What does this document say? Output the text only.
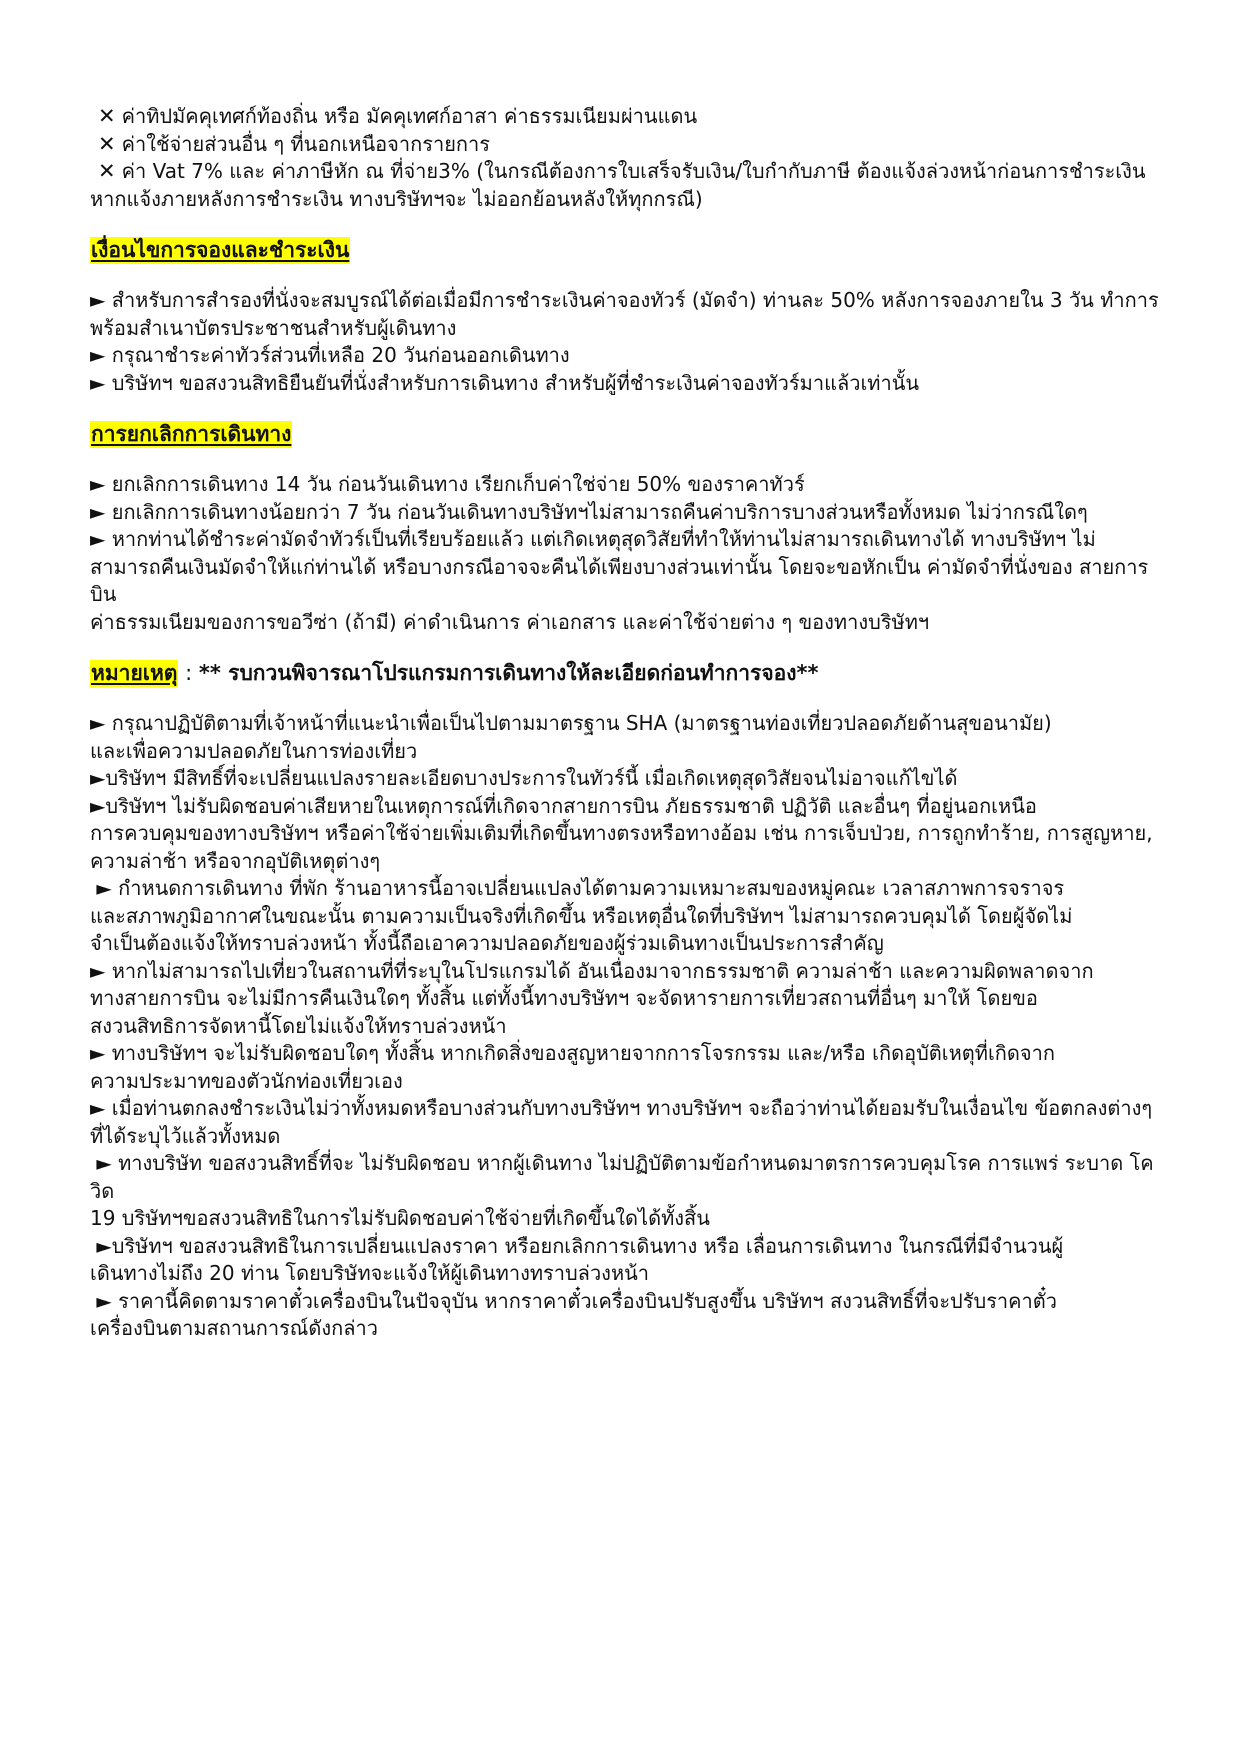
✕ ค่าทิปมัคคุเทศก์ท้องถิ่น หรือ มัคคุเทศก์อาสา ค่าธรรมเนียมผ่านแดน

✕ ค่าใช้จ่ายส่วนอื่น ๆ ที่นอกเหนือจากรายการ

✕ ค่า Vat 7% และ ค่าภาษีหัก ณ ที่จ่าย3% (ในกรณีต้องการใบเสร็จรับเงิน/ใบกำกับภาษี ต้องแจ้งล่วงหน้าก่อนการชำระเงิน
หากแจ้งภายหลังการชำระเงิน ทางบริษัทฯจะ ไม่ออกย้อนหลังให้ทุกกรณี)

เงื่อนไขการจองและชำระเงิน

► สำหรับการสำรองที่นั่งจะสมบูรณ์ได้ต่อเมื่อมีการชำระเงินค่าจองทัวร์ (มัดจำ) ท่านละ 50% หลังการจองภายใน 3 วัน ทำการ
พร้อมสำเนาบัตรประชาชนสำหรับผู้เดินทาง

► กรุณาชำระค่าทัวร์ส่วนที่เหลือ 20 วันก่อนออกเดินทาง

► บริษัทฯ ขอสงวนสิทธิยืนยันที่นั่งสำหรับการเดินทาง สำหรับผู้ที่ชำระเงินค่าจองทัวร์มาแล้วเท่านั้น

การยกเลิกการเดินทาง

► ยกเลิกการเดินทาง 14 วัน ก่อนวันเดินทาง เรียกเก็บค่าใช่จ่าย 50% ของราคาทัวร์

► ยกเลิกการเดินทางน้อยกว่า 7 วัน ก่อนวันเดินทางบริษัทฯไม่สามารถคืนค่าบริการบางส่วนหรือทั้งหมด ไม่ว่ากรณีใดๆ

► หากท่านได้ชำระค่ามัดจำทัวร์เป็นที่เรียบร้อยแล้ว แต่เกิดเหตุสุดวิสัยที่ทำให้ท่านไม่สามารถเดินทางได้ ทางบริษัทฯ ไม่
สามารถคืนเงินมัดจำให้แก่ท่านได้ หรือบางกรณีอาจจะคืนได้เพียงบางส่วนเท่านั้น โดยจะขอหักเป็น ค่ามัดจำที่นั่งของ สายการบิน
ค่าธรรมเนียมของการขอวีซ่า (ถ้ามี) ค่าดำเนินการ ค่าเอกสาร และค่าใช้จ่ายต่าง ๆ ของทางบริษัทฯ

หมายเหตุ : ** รบกวนพิจารณาโปรแกรมการเดินทางให้ละเอียดก่อนทำการจอง**

► กรุณาปฏิบัติตามที่เจ้าหน้าที่แนะนำเพื่อเป็นไปตามมาตรฐาน SHA (มาตรฐานท่องเที่ยวปลอดภัยด้านสุขอนามัย)
และเพื่อความปลอดภัยในการท่องเที่ยว

►บริษัทฯ มีสิทธิ์ที่จะเปลี่ยนแปลงรายละเอียดบางประการในทัวร์นี้ เมื่อเกิดเหตุสุดวิสัยจนไม่อาจแก้ไขได้

►บริษัทฯ ไม่รับผิดชอบค่าเสียหายในเหตุการณ์ที่เกิดจากสายการบิน ภัยธรรมชาติ ปฏิวัติ และอื่นๆ ที่อยู่นอกเหนือ
การควบคุมของทางบริษัทฯ หรือค่าใช้จ่ายเพิ่มเติมที่เกิดขึ้นทางตรงหรือทางอ้อม เช่น การเจ็บป่วย, การถูกทำร้าย, การสูญหาย,
ความล่าช้า หรือจากอุบัติเหตุต่างๆ

► กำหนดการเดินทาง ที่พัก ร้านอาหารนี้อาจเปลี่ยนแปลงได้ตามความเหมาะสมของหมู่คณะ เวลาสภาพการจราจร
และสภาพภูมิอากาศในขณะนั้น ตามความเป็นจริงที่เกิดขึ้น หรือเหตุอื่นใดที่บริษัทฯ ไม่สามารถควบคุมได้ โดยผู้จัดไม่
จำเป็นต้องแจ้งให้ทราบล่วงหน้า ทั้งนี้ถือเอาความปลอดภัยของผู้ร่วมเดินทางเป็นประการสำคัญ

► หากไม่สามารถไปเที่ยวในสถานที่ที่ระบุในโปรแกรมได้ อันเนื่องมาจากธรรมชาติ ความล่าช้า และความผิดพลาดจาก
ทางสายการบิน จะไม่มีการคืนเงินใดๆ ทั้งสิ้น แต่ทั้งนี้ทางบริษัทฯ จะจัดหารายการเที่ยวสถานที่อื่นๆ มาให้ โดยขอ
สงวนสิทธิการจัดหานี้โดยไม่แจ้งให้ทราบล่วงหน้า

► ทางบริษัทฯ จะไม่รับผิดชอบใดๆ ทั้งสิ้น หากเกิดสิ่งของสูญหายจากการโจรกรรม และ/หรือ เกิดอุบัติเหตุที่เกิดจาก
ความประมาทของตัวนักท่องเที่ยวเอง

► เมื่อท่านตกลงชำระเงินไม่ว่าทั้งหมดหรือบางส่วนกับทางบริษัทฯ ทางบริษัทฯ จะถือว่าท่านได้ยอมรับในเงื่อนไข ข้อตกลงต่างๆ
ที่ได้ระบุไว้แล้วทั้งหมด

► ทางบริษัท ขอสงวนสิทธิ์ที่จะ ไม่รับผิดชอบ หากผู้เดินทาง ไม่ปฏิบัติตามข้อกำหนดมาตรการควบคุมโรค การแพร่ ระบาด โควิด
19 บริษัทฯขอสงวนสิทธิในการไม่รับผิดชอบค่าใช้จ่ายที่เกิดขึ้นใดได้ทั้งสิ้น

►บริษัทฯ ขอสงวนสิทธิในการเปลี่ยนแปลงราคา หรือยกเลิกการเดินทาง หรือ เลื่อนการเดินทาง ในกรณีที่มีจำนวนผู้
เดินทางไม่ถึง 20 ท่าน โดยบริษัทจะแจ้งให้ผู้เดินทางทราบล่วงหน้า

► ราคานี้คิดตามราคาตั๋วเครื่องบินในปัจจุบัน หากราคาตั๋วเครื่องบินปรับสูงขึ้น บริษัทฯ สงวนสิทธิ์ที่จะปรับราคาตั๋ว
เครื่องบินตามสถานการณ์ดังกล่าว
